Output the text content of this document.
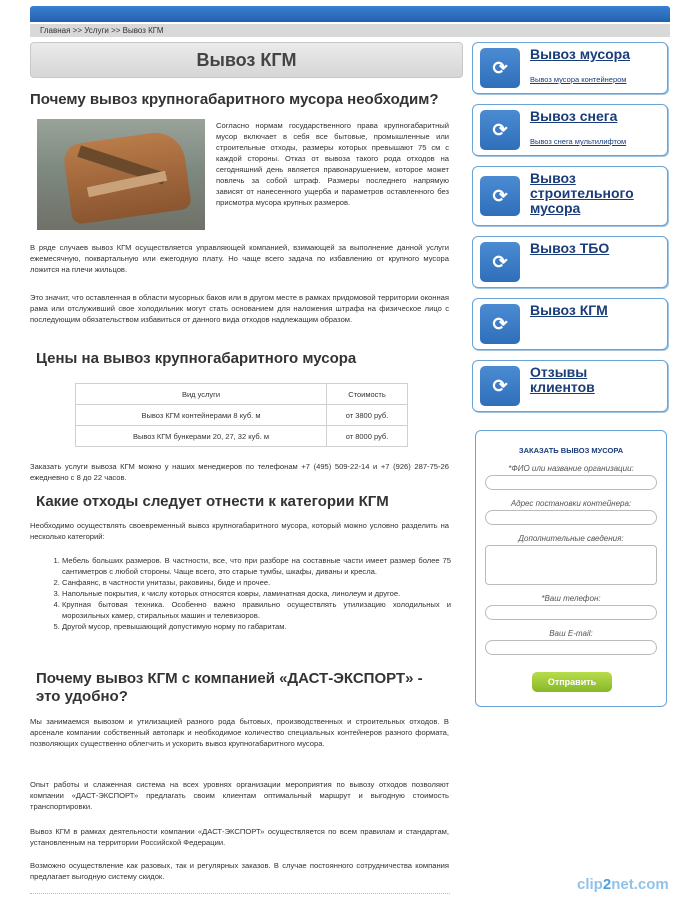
Главная >> Услуги >> Вывоз КГМ
Вывоз КГМ
Почему вывоз крупногабаритного мусора необходим?

Согласно нормам государственного права крупногабаритный мусор включает в себя все бытовые, промышленные или строительные отходы, размеры которых превышают 75 см с каждой стороны. Отказ от вывоза такого рода отходов на сегодняшний день является правонарушением, которое может повлечь за собой штраф. Размеры последнего напрямую зависят от нанесенного ущерба и параметров оставленного без присмотра мусора крупных размеров.

В ряде случаев вывоз КГМ осуществляется управляющей компанией, взимающей за выполнение данной услуги ежемесячную, поквартальную или ежегодную плату. Но чаще всего задача по избавлению от крупного мусора ложится на плечи жильцов.

Это значит, что оставленная в области мусорных баков или в другом месте в рамках придомовой территории оконная рама или отслуживший свое холодильник могут стать основанием для наложения штрафа на физическое лицо с последующим обязательством избавиться от данного вида отходов надлежащим образом.

Цены на вывоз крупногабаритного мусора
Вид услуги	Стоимость
Вывоз КГМ контейнерами 8 куб. м	от 3800 руб.
Вывоз КГМ бункерами 20, 27, 32 куб. м	от 8000 руб.

Заказать услуги вывоза КГМ можно у наших менеджеров по телефонам +7 (495) 509-22-14 и +7 (926) 287-75-26 ежедневно с 8 до 22 часов.

Какие отходы следует отнести к категории КГМ

Необходимо осуществлять своевременный вывоз крупногабаритного мусора, который можно условно разделить на несколько категорий:

1. Мебель больших размеров. В частности, все, что при разборе на составные части имеет размер более 75 сантиметров с любой стороны. Чаще всего, это старые тумбы, шкафы, диваны и кресла.
2. Санфаянс, в частности унитазы, раковины, биде и прочее.
3. Напольные покрытия, к числу которых относятся ковры, ламинатная доска, линолеум и другое.
4. Крупная бытовая техника. Особенно важно правильно осуществлять утилизацию холодильных и морозильных камер, стиральных машин и телевизоров.
5. Другой мусор, превышающий допустимую норму по габаритам.
Почему вывоз КГМ с компанией «ДАСТ-ЭКСПОРТ» - это удобно?

Мы занимаемся вывозом и утилизацией разного рода бытовых, производственных и строительных отходов. В арсенале компании собственный автопарк и необходимое количество специальных контейнеров разного формата, позволяющих существенно облегчить и ускорить вывоз крупногабаритного мусора.

Опыт работы и слаженная система на всех уровнях организации мероприятия по вывозу отходов позволяют компании «ДАСТ-ЭКСПОРТ» предлагать своим клиентам оптимальный маршрут и выгодную стоимость транспортировки.

Вывоз КГМ в рамках деятельности компании «ДАСТ-ЭКСПОРТ» осуществляется по всем правилам и стандартам, установленным на территории Российской Федерации.

Возможно осуществление как разовых, так и регулярных заказов. В случае постоянного сотрудничества компания предлагает выгодную систему скидок.

⟳
Вывоз мусора
Вывоз мусора контейнером
⟳
Вывоз снега
Вывоз снега мультилифтом
⟳
Вывоз строительного мусора
⟳
Вывоз ТБО
⟳
Вывоз КГМ
⟳
Отзывы клиентов
ЗАКАЗАТЬ ВЫВОЗ МУСОРА
*ФИО или название организации:
Адрес постановки контейнера:
Дополнительные сведения:
*Ваш телефон:
Ваш E-mail:
Отправить
clip2net.com
